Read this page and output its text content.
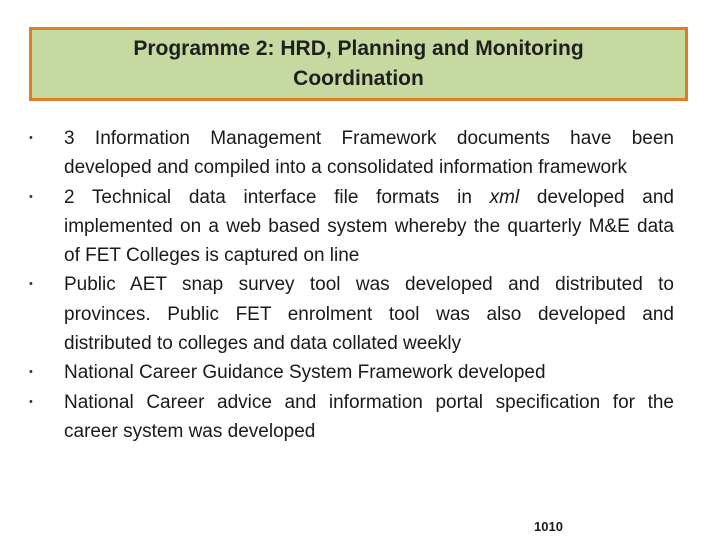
Programme 2: HRD, Planning and Monitoring Coordination
• 3 Information Management Framework documents have been developed and compiled into a consolidated information framework
• 2 Technical data interface file formats in xml developed and implemented on a web based system whereby the quarterly M&E data of FET Colleges is captured on line
• Public AET snap survey tool was developed and distributed to provinces. Public FET enrolment tool was also developed and distributed to colleges and data collated weekly
• National Career Guidance System Framework developed
• National Career advice and information portal specification for the career system was developed
1010
